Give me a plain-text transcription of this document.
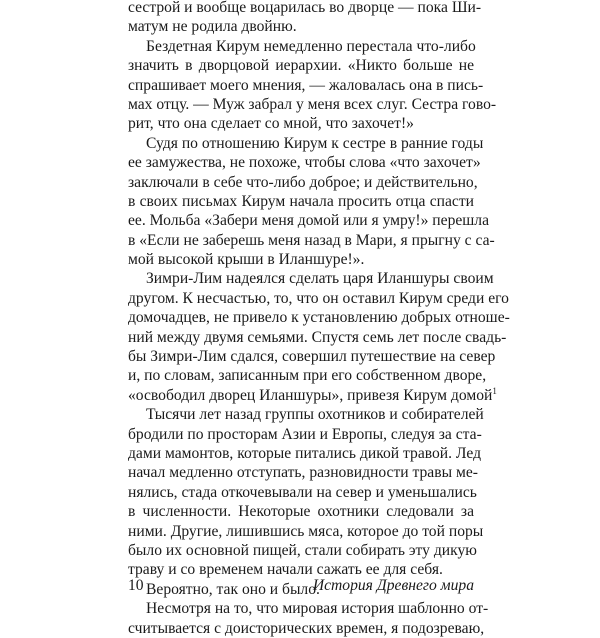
сестрой и вообще воцарилась во дворце — пока Ши-
матум не родила двойню.
Бездетная Кирум немедленно перестала что-либо
значить в дворцовой иерархии. «Никто больше не
спрашивает моего мнения, — жаловалась она в пись-
мах отцу. — Муж забрал у меня всех слуг. Сестра гово-
рит, что она сделает со мной, что захочет!»
Судя по отношению Кирум к сестре в ранние годы
ее замужества, не похоже, чтобы слова «что захочет»
заключали в себе что-либо доброе; и действительно,
в своих письмах Кирум начала просить отца спасти
ее. Мольба «Забери меня домой или я умру!» перешла
в «Если не заберешь меня назад в Мари, я прыгну с са-
мой высокой крыши в Иланшуре!».
Зимри-Лим надеялся сделать царя Иланшуры своим
другом. К несчастью, то, что он оставил Кирум среди его
домочадцев, не привело к установлению добрых отноше-
ний между двумя семьями. Спустя семь лет после свадь-
бы Зимри-Лим сдался, совершил путешествие на север
и, по словам, записанным при его собственном дворе,
«освободил дворец Иланшуры», привезя Кирум домой$^1$
Тысячи лет назад группы охотников и собирателей
бродили по просторам Азии и Европы, следуя за ста-
дами мамонтов, которые питались дикой травой. Лед
начал медленно отступать, разновидности травы ме-
нялись, стада откочевывали на север и уменьшались
в численности. Некоторые охотники следовали за
ними. Другие, лишившись мяса, которое до той поры
было их основной пищей, стали собирать эту дикую
траву и со временем начали сажать ее для себя.
Вероятно, так оно и было.
Несмотря на то, что мировая история шаблонно от-
считывается с доисторических времен, я подозреваю,
10	История Древнего мира
